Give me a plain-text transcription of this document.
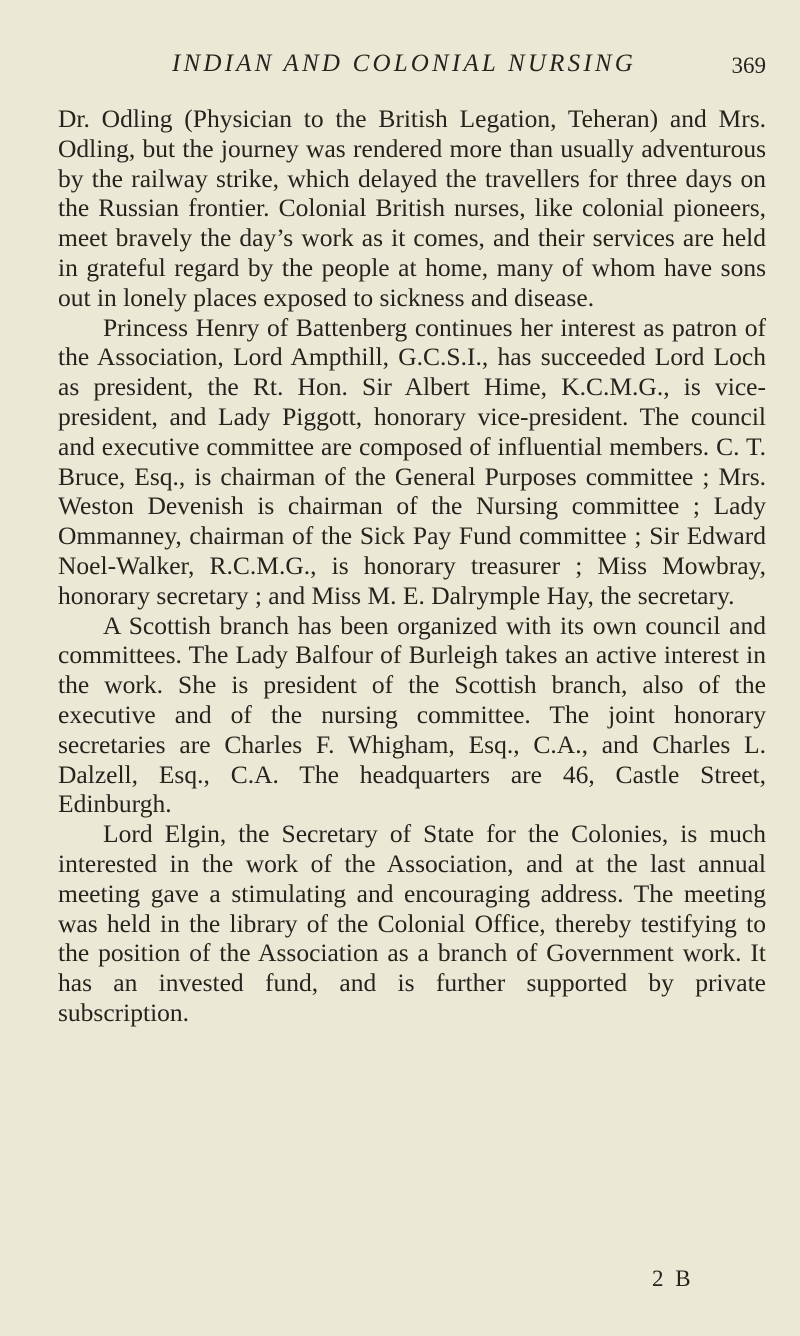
INDIAN AND COLONIAL NURSING	369

Dr. Odling (Physician to the British Legation, Teheran) and Mrs. Odling, but the journey was rendered more than usually adventurous by the railway strike, which delayed the travellers for three days on the Russian frontier. Colonial British nurses, like colonial pioneers, meet bravely the day’s work as it comes, and their services are held in grateful regard by the people at home, many of whom have sons out in lonely places exposed to sickness and disease.

Princess Henry of Battenberg continues her interest as patron of the Association, Lord Ampthill, G.C.S.I., has succeeded Lord Loch as president, the Rt. Hon. Sir Albert Hime, K.C.M.G., is vice-president, and Lady Piggott, honorary vice-president. The council and executive committee are composed of influential members. C. T. Bruce, Esq., is chairman of the General Purposes committee ; Mrs. Weston Devenish is chairman of the Nursing committee ; Lady Ommanney, chairman of the Sick Pay Fund committee ; Sir Edward Noel-Walker, R.C.M.G., is honorary treasurer ; Miss Mowbray, honorary secretary ; and Miss M. E. Dalrymple Hay, the secretary.

A Scottish branch has been organized with its own council and committees. The Lady Balfour of Burleigh takes an active interest in the work. She is president of the Scottish branch, also of the executive and of the nursing committee. The joint honorary secretaries are Charles F. Whigham, Esq., C.A., and Charles L. Dalzell, Esq., C.A. The headquarters are 46, Castle Street, Edinburgh.

Lord Elgin, the Secretary of State for the Colonies, is much interested in the work of the Association, and at the last annual meeting gave a stimulating and encouraging address. The meeting was held in the library of the Colonial Office, thereby testifying to the position of the Association as a branch of Government work. It has an invested fund, and is further supported by private subscription.

2 B
